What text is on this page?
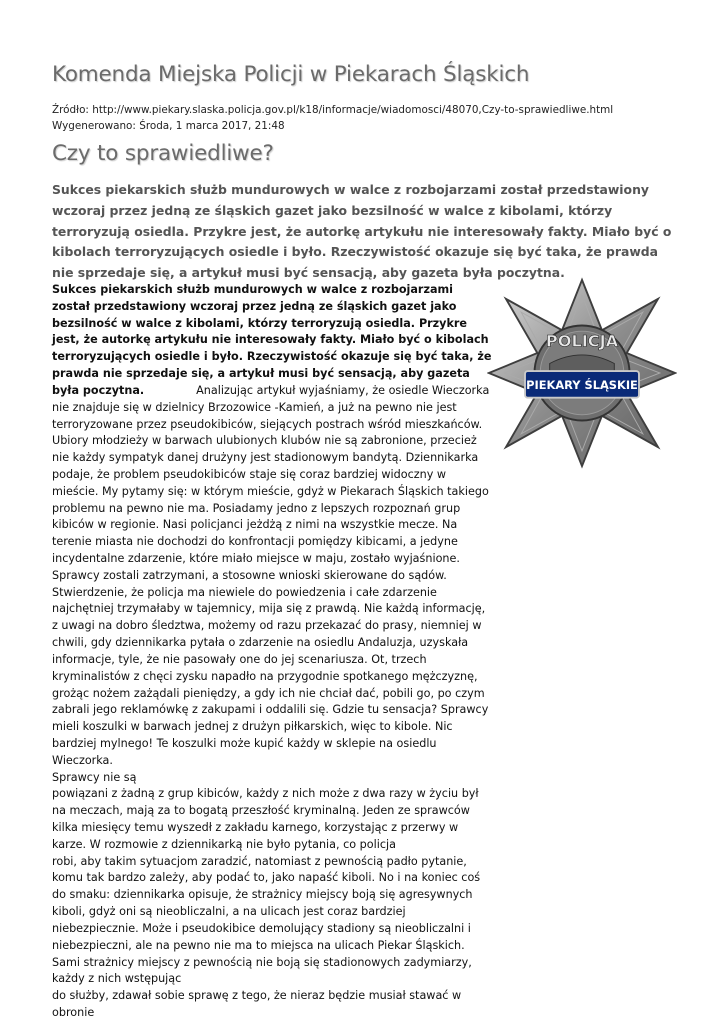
Komenda Miejska Policji w Piekarach Śląskich
Źródło: http://www.piekary.slaska.policja.gov.pl/k18/informacje/wiadomosci/48070,Czy-to-sprawiedliwe.html
Wygenerowano: Środa, 1 marca 2017, 21:48
Czy to sprawiedliwe?

Sukces piekarskich służb mundurowych w walce z rozbojarzami został przedstawiony wczoraj przez jedną ze śląskich gazet jako bezsilność w walce z kibolami, którzy terroryzują osiedla. Przykre jest, że autorkę artykułu nie interesowały fakty. Miało być o kibolach terroryzujących osiedle i było. Rzeczywistość okazuje się być taka, że prawda nie sprzedaje się, a artykuł musi być sensacją, aby gazeta była poczytna.

Sukces piekarskich służb mundurowych w walce z rozbojarzami został przedstawiony wczoraj przez jedną ze śląskich gazet jako bezsilność w walce z kibolami, którzy terroryzują osiedla. Przykre jest, że autorkę artykułu nie interesowały fakty. Miało być o kibolach terroryzujących osiedle i było. Rzeczywistość okazuje się być taka, że prawda nie sprzedaje się, a artykuł musi być sensacją, aby gazeta była poczytna.	Analizując artykuł wyjaśniamy, że osiedle Wieczorka nie znajduje się w dzielnicy Brzozowice -Kamień, a już na pewno nie jest terroryzowane przez pseudokibiców, siejących postrach wśród mieszkańców. Ubiory młodzieży w barwach ulubionych klubów nie są zabronione, przecież nie każdy sympatyk danej drużyny jest stadionowym bandytą. Dziennikarka podaje, że problem pseudokibiców staje się coraz bardziej widoczny w mieście. My pytamy się: w którym mieście, gdyż w Piekarach Śląskich takiego problemu na pewno nie ma. Posiadamy jedno z lepszych rozpoznań grup kibiców w regionie. Nasi policjanci jeżdżą z nimi na wszystkie mecze. Na terenie miasta nie dochodzi do konfrontacji pomiędzy kibicami, a jedyne incydentalne zdarzenie, które miało miejsce w maju, zostało wyjaśnione. Sprawcy zostali zatrzymani, a stosowne wnioski skierowane do sądów. Stwierdzenie, że policja ma niewiele do powiedzenia i całe zdarzenie najchętniej trzymałaby w tajemnicy, mija się z prawdą. Nie każdą informację, z uwagi na dobro śledztwa, możemy od razu przekazać do prasy, niemniej w chwili, gdy dziennikarka pytała o zdarzenie na osiedlu Andaluzja, uzyskała informacje, tyle, że nie pasowały one do jej scenariusza. Ot, trzech kryminalistów z chęci zysku napadło na przygodnie spotkanego mężczyznę, grożąc nożem zażądali pieniędzy, a gdy ich nie chciał dać, pobili go, po czym zabrali jego reklamówkę z zakupami i oddalili się. Gdzie tu sensacja? Sprawcy mieli koszulki w barwach jednej z drużyn piłkarskich, więc to kibole. Nic bardziej mylnego! Te koszulki może kupić każdy w sklepie na osiedlu Wieczorka.

Sprawcy nie są

powiązani z żadną z grup kibiców, każdy z nich może z dwa razy w życiu był na meczach, mają za to bogatą przeszłość kryminalną. Jeden ze sprawców kilka miesięcy temu wyszedł z zakładu karnego, korzystając z przerwy w karze. W rozmowie z dziennikarką nie było pytania, co policja

robi, aby takim sytuacjom zaradzić, natomiast z pewnością padło pytanie, komu tak bardzo zależy, aby podać to, jako napaść kiboli. No i na koniec coś do smaku: dziennikarka opisuje, że strażnicy miejscy boją się agresywnych kiboli, gdyż oni są nieobliczalni, a na ulicach jest coraz bardziej

niebezpiecznie. Może i pseudokibice demolujący stadiony są nieobliczalni i niebezpieczni, ale na pewno nie ma to miejsca na ulicach Piekar Śląskich.

Sami strażnicy miejscy z pewnością nie boją się stadionowych zadymiarzy, każdy z nich wstępując

do służby, zdawał sobie sprawę z tego, że nieraz będzie musiał stawać w obronie

POLICJA
PIEKARY ŚLĄSKIE
